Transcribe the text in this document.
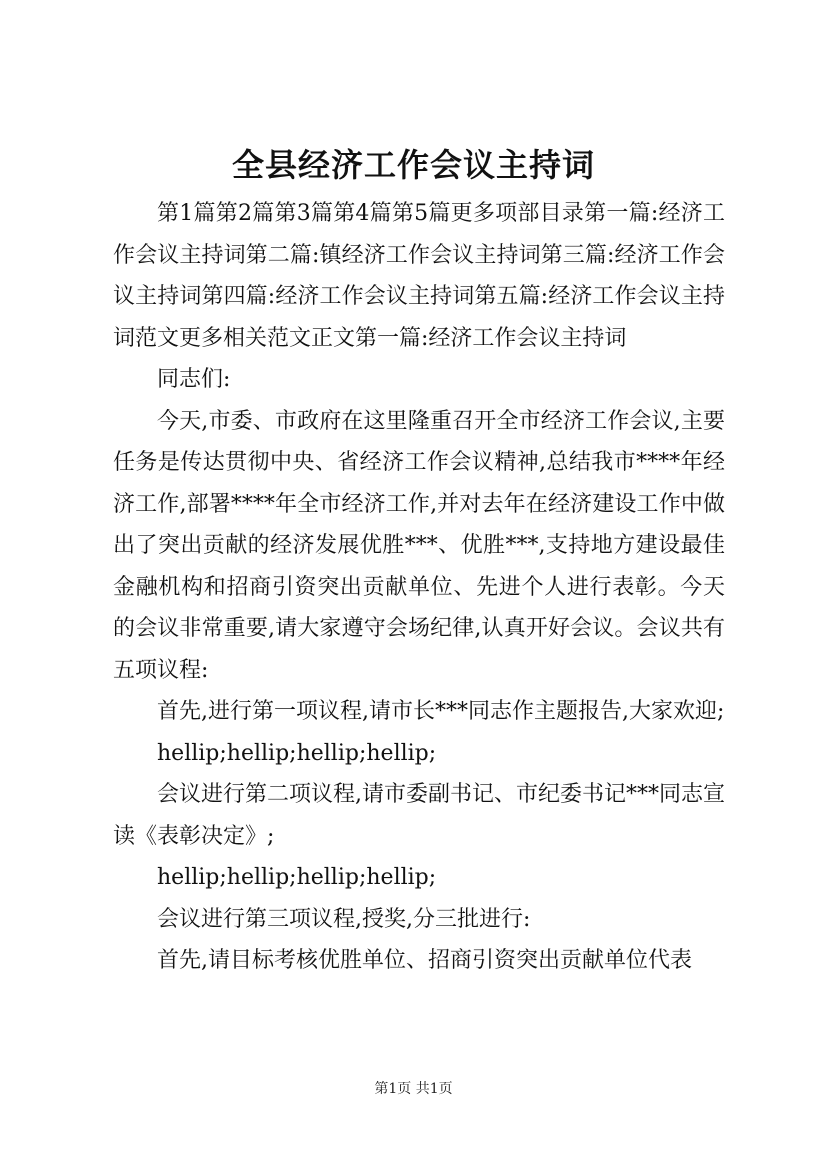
全县经济工作会议主持词

第1篇第2篇第3篇第4篇第5篇更多项部目录第一篇:经济工作会议主持词第二篇:镇经济工作会议主持词第三篇:经济工作会议主持词第四篇:经济工作会议主持词第五篇:经济工作会议主持词范文更多相关范文正文第一篇:经济工作会议主持词

同志们:

今天,市委、市政府在这里隆重召开全市经济工作会议,主要任务是传达贯彻中央、省经济工作会议精神,总结我市****年经济工作,部署****年全市经济工作,并对去年在经济建设工作中做出了突出贡献的经济发展优胜***、优胜***,支持地方建设最佳金融机构和招商引资突出贡献单位、先进个人进行表彰。今天的会议非常重要,请大家遵守会场纪律,认真开好会议。会议共有五项议程:

首先,进行第一项议程,请市长***同志作主题报告,大家欢迎;

hellip;hellip;hellip;hellip;

会议进行第二项议程,请市委副书记、市纪委书记***同志宣读《表彰决定》;

hellip;hellip;hellip;hellip;

会议进行第三项议程,授奖,分三批进行:

首先,请目标考核优胜单位、招商引资突出贡献单位代表

第1页 共1页
